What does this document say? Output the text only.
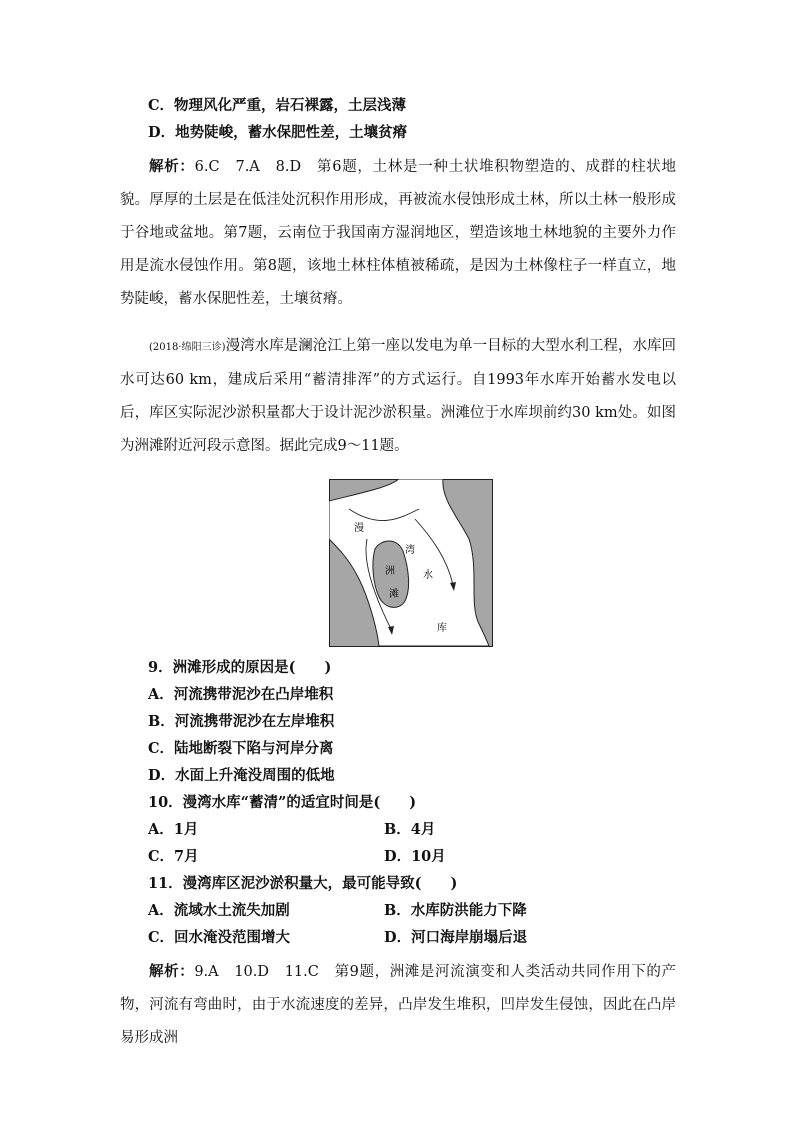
C．物理风化严重，岩石裸露，土层浅薄
D．地势陡峻，蓄水保肥性差，土壤贫瘠
解析：6.C　7.A　8.D　第6题，土林是一种土状堆积物塑造的、成群的柱状地貌。厚厚的土层是在低洼处沉积作用形成，再被流水侵蚀形成土林，所以土林一般形成于谷地或盆地。第7题，云南位于我国南方湿润地区，塑造该地土林地貌的主要外力作用是流水侵蚀作用。第8题，该地土林柱体植被稀疏，是因为土林像柱子一样直立，地势陡峻，蓄水保肥性差，土壤贫瘠。
(2018·绵阳三诊)漫湾水库是澜沧江上第一座以发电为单一目标的大型水利工程，水库回水可达60 km，建成后采用“蓄清排浑”的方式运行。自1993年水库开始蓄水发电以后，库区实际泥沙淤积量都大于设计泥沙淤积量。洲滩位于水库坝前约30 km处。如图为洲滩附近河段示意图。据此完成9～11题。
漫
湾
水
库
洲
滩
9．洲滩形成的原因是(　　)
A．河流携带泥沙在凸岸堆积
B．河流携带泥沙在左岸堆积
C．陆地断裂下陷与河岸分离
D．水面上升淹没周围的低地
10．漫湾水库“蓄清”的适宜时间是(　　)
A．1月	B．4月
C．7月	D．10月
11．漫湾库区泥沙淤积量大，最可能导致(　　)
A．流域水土流失加剧	B．水库防洪能力下降
C．回水淹没范围增大	D．河口海岸崩塌后退
解析：9.A　10.D　11.C　第9题，洲滩是河流演变和人类活动共同作用下的产物，河流有弯曲时，由于水流速度的差异，凸岸发生堆积，凹岸发生侵蚀，因此在凸岸易形成洲
